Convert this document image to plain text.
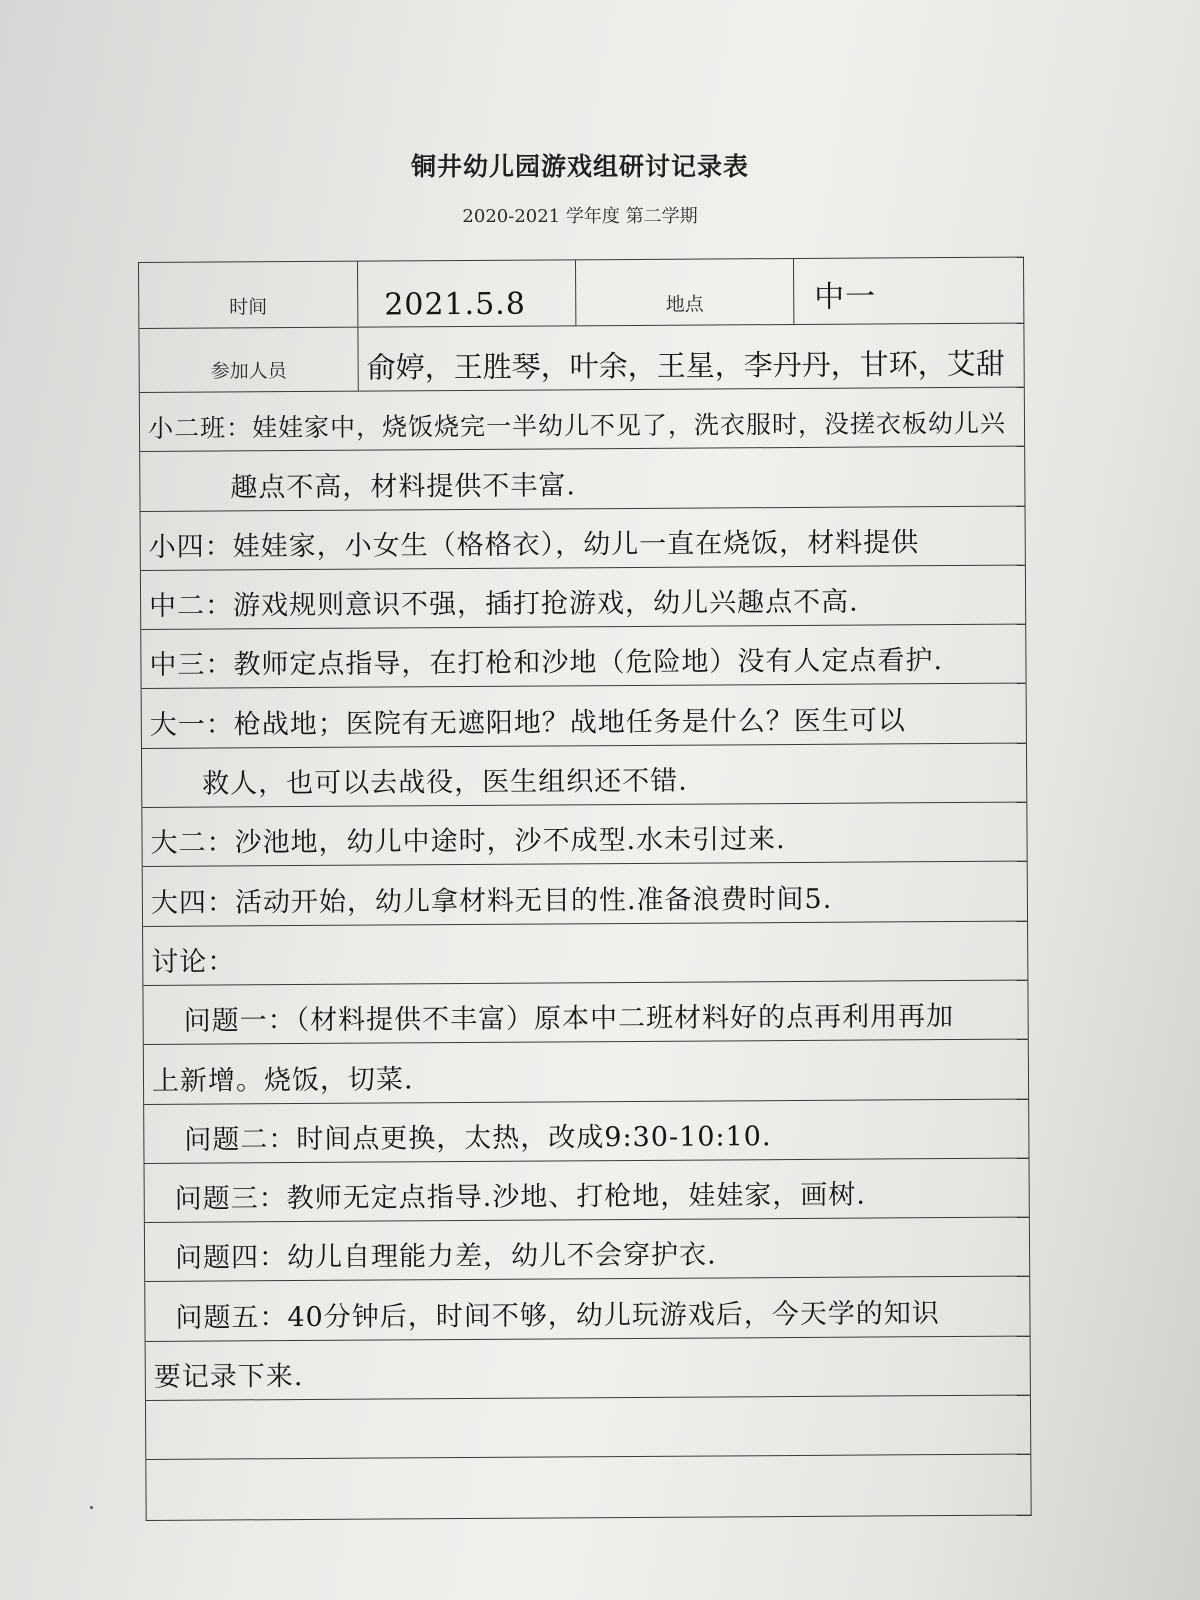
铜井幼儿园游戏组研讨记录表
2020-2021 学年度 第二学期
时间	2021.5.8	地点	中一
参加人员	俞婷，王胜琴，叶余，王星，李丹丹，甘环，艾甜
小二班：娃娃家中，烧饭烧完一半幼儿不见了，洗衣服时，没搓衣板幼儿兴
趣点不高，材料提供不丰富.
小四：娃娃家，小女生（格格衣），幼儿一直在烧饭，材料提供
中二：游戏规则意识不强，插打抢游戏，幼儿兴趣点不高.
中三：教师定点指导，在打枪和沙地（危险地）没有人定点看护.
大一：枪战地；医院有无遮阳地？战地任务是什么？医生可以
救人，也可以去战役，医生组织还不错.
大二：沙池地，幼儿中途时，沙不成型.水未引过来.
大四：活动开始，幼儿拿材料无目的性.准备浪费时间5.
讨论：
问题一：（材料提供不丰富）原本中二班材料好的点再利用再加
上新增。烧饭，切菜.
问题二：时间点更换，太热，改成9:30-10:10.
问题三：教师无定点指导.沙地、打枪地，娃娃家，画树.
问题四：幼儿自理能力差，幼儿不会穿护衣.
问题五：40分钟后，时间不够，幼儿玩游戏后，今天学的知识
要记录下来.
